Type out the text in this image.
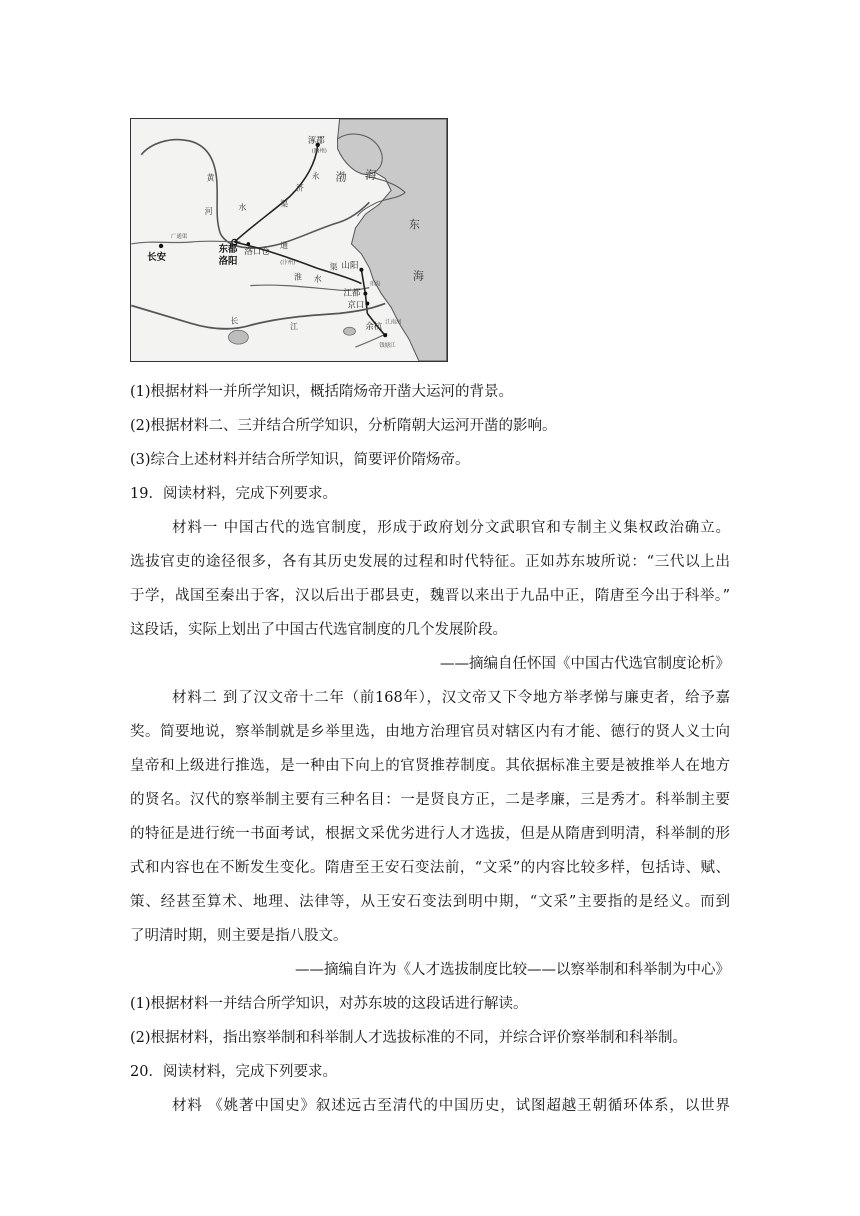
涿郡
(幽州)
永
济
渠
黄
河	水
渤 海
东
海
长安
东都
洛阳
洛口仓
广通渠
通
渠
(汴州)
淮 水
山阳
邗沟
江都
京口
长
江	江南河
余杭
钱塘江
(1)根据材料一并所学知识，概括隋炀帝开凿大运河的背景。
(2)根据材料二、三并结合所学知识，分析隋朝大运河开凿的影响。
(3)综合上述材料并结合所学知识，简要评价隋炀帝。
19．阅读材料，完成下列要求。
材料一 中国古代的选官制度，形成于政府划分文武职官和专制主义集权政治确立。
选拔官吏的途径很多，各有其历史发展的过程和时代特征。正如苏东坡所说：“三代以上出
于学，战国至秦出于客，汉以后出于郡县吏，魏晋以来出于九品中正，隋唐至今出于科举。”
这段话，实际上划出了中国古代选官制度的几个发展阶段。
——摘编自任怀国《中国古代选官制度论析》
材料二 到了汉文帝十二年（前168年），汉文帝又下令地方举孝悌与廉吏者，给予嘉
奖。简要地说，察举制就是乡举里选，由地方治理官员对辖区内有才能、德行的贤人义士向
皇帝和上级进行推选，是一种由下向上的官贤推荐制度。其依据标准主要是被推举人在地方
的贤名。汉代的察举制主要有三种名目：一是贤良方正，二是孝廉，三是秀才。科举制主要
的特征是进行统一书面考试，根据文采优劣进行人才选拔，但是从隋唐到明清，科举制的形
式和内容也在不断发生变化。隋唐至王安石变法前，“文采”的内容比较多样，包括诗、赋、
策、经甚至算术、地理、法律等，从王安石变法到明中期，“文采”主要指的是经义。而到
了明清时期，则主要是指八股文。
——摘编自许为《人才选拔制度比较——以察举制和科举制为中心》
(1)根据材料一并结合所学知识，对苏东坡的这段话进行解读。
(2)根据材料，指出察举制和科举制人才选拔标准的不同，并综合评价察举制和科举制。
20．阅读材料，完成下列要求。
材料 《姚著中国史》叙述远古至清代的中国历史，试图超越王朝循环体系，以世界
